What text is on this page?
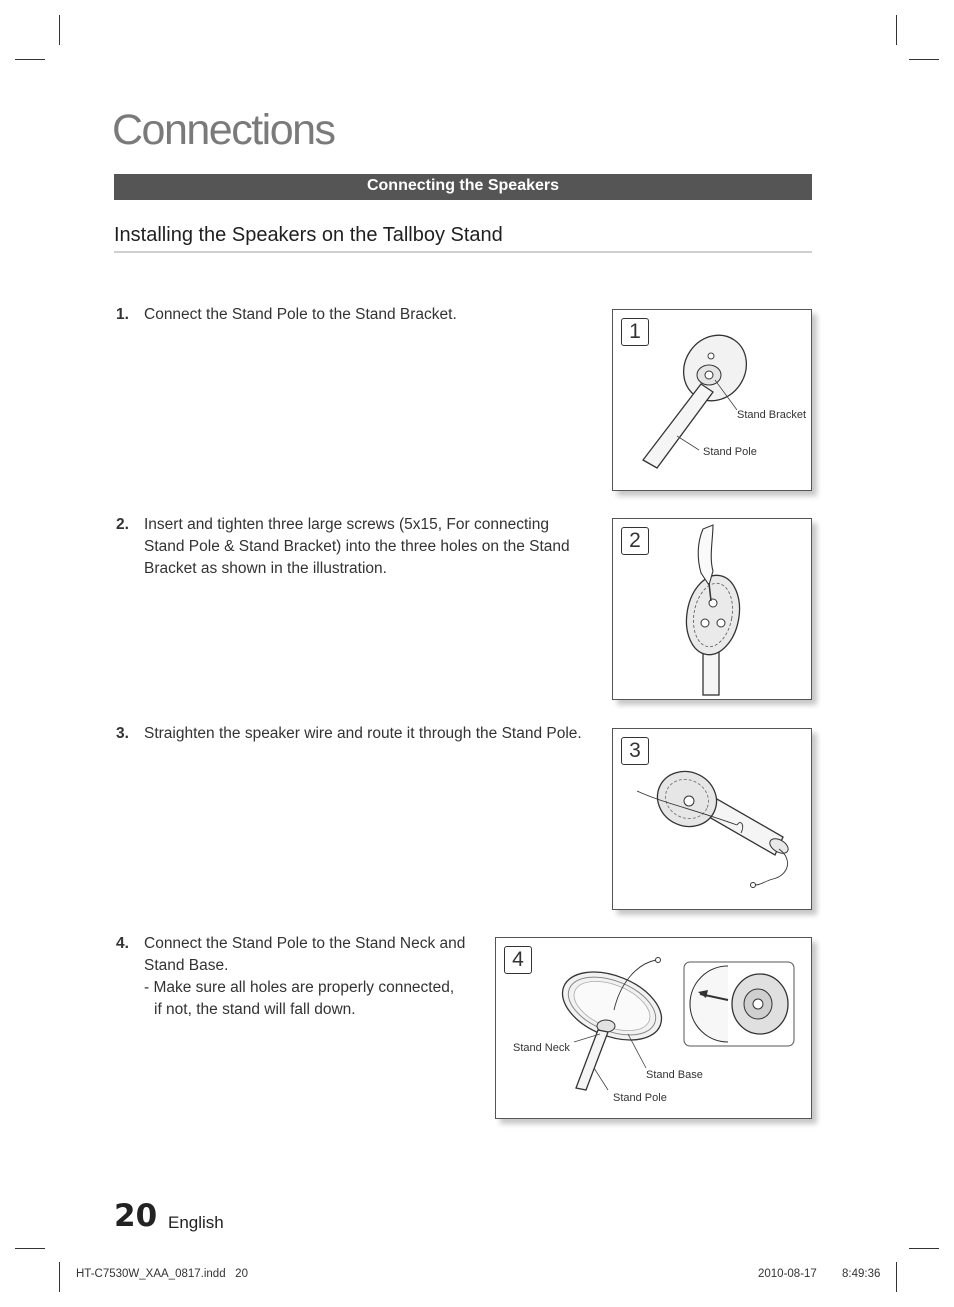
Connections
Connecting the Speakers
Installing the Speakers on the Tallboy Stand
1. Connect the Stand Pole to the Stand Bracket.
2. Insert and tighten three large screws (5x15, For connecting Stand Pole & Stand Bracket) into the three holes on the Stand Bracket as shown in the illustration.
3. Straighten the speaker wire and route it through the Stand Pole.
4. Connect the Stand Pole to the Stand Neck and Stand Base.
- Make sure all holes are properly connected, if not, the stand will fall down.
1
Stand Bracket
Stand Pole
2
3
4
Stand Neck
Stand Base
Stand Pole
20 English
HT-C7530W_XAA_0817.indd   20	2010-08-17 8:49:36
